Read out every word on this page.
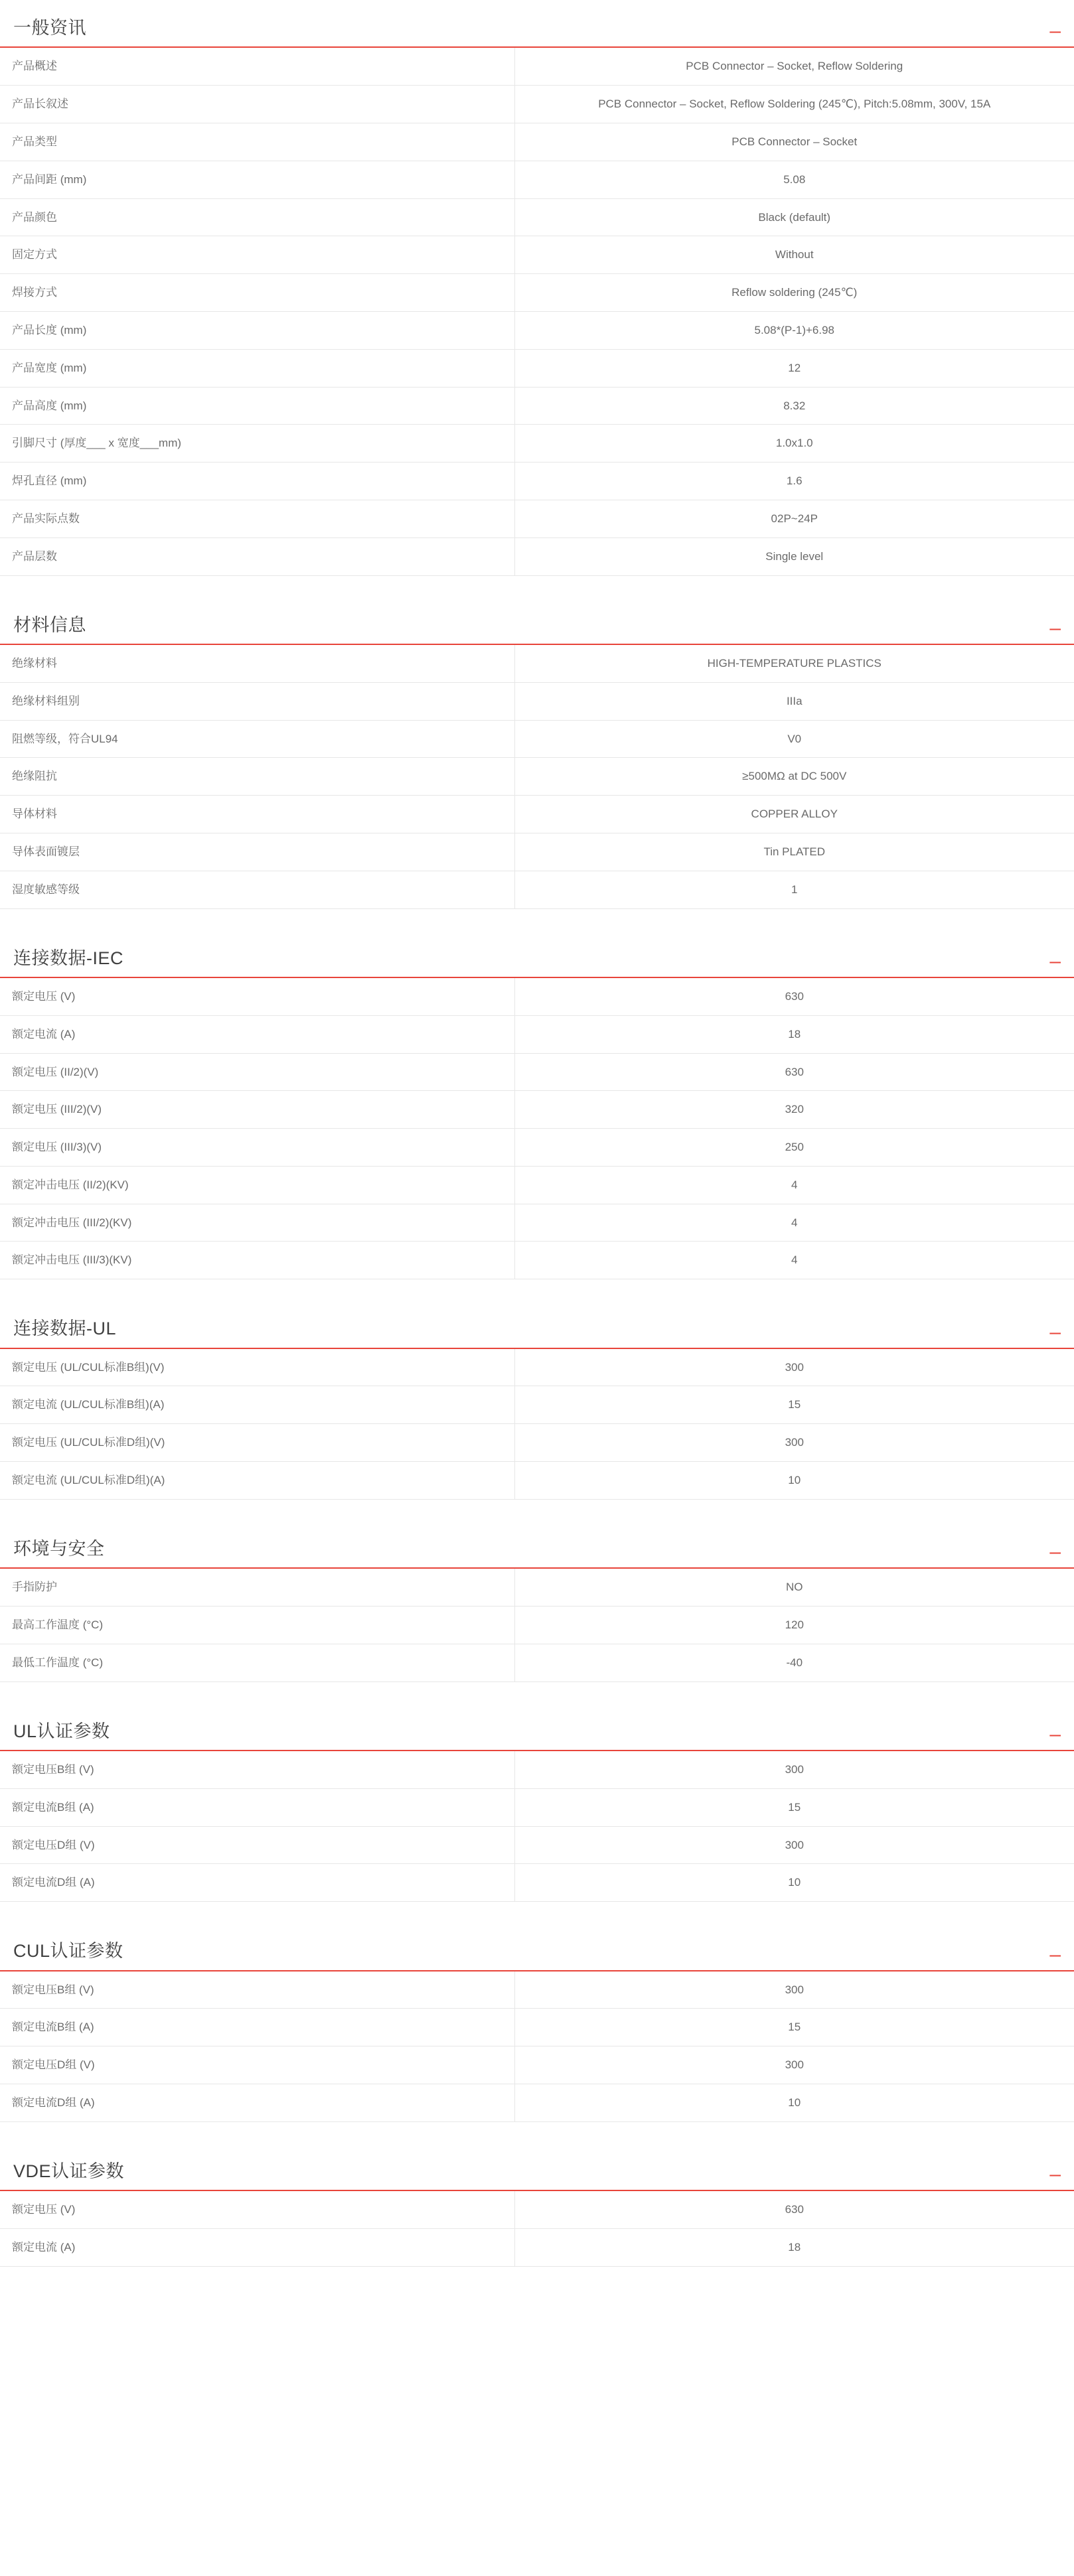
一般资讯	–
产品概述	PCB Connector – Socket, Reflow Soldering
产品长叙述	PCB Connector – Socket, Reflow Soldering (245℃), Pitch:5.08mm, 300V, 15A
产品类型	PCB Connector – Socket
产品间距 (mm)	5.08
产品颜色	Black (default)
固定方式	Without
焊接方式	Reflow soldering (245℃)
产品长度 (mm)	5.08*(P-1)+6.98
产品宽度 (mm)	12
产品高度 (mm)	8.32
引脚尺寸 (厚度___ x 宽度___mm)	1.0x1.0
焊孔直径 (mm)	1.6
产品实际点数	02P~24P
产品层数	Single level
材料信息	–
绝缘材料	HIGH-TEMPERATURE PLASTICS
绝缘材料组别	IIIa
阻燃等级，符合UL94	V0
绝缘阻抗	≥500MΩ at DC 500V
导体材料	COPPER ALLOY
导体表面镀层	Tin PLATED
湿度敏感等级	1
连接数据-IEC	–
额定电压 (V)	630
额定电流 (A)	18
额定电压 (II/2)(V)	630
额定电压 (III/2)(V)	320
额定电压 (III/3)(V)	250
额定冲击电压 (II/2)(KV)	4
额定冲击电压 (III/2)(KV)	4
额定冲击电压 (III/3)(KV)	4
连接数据-UL	–
额定电压 (UL/CUL标准B组)(V)	300
额定电流 (UL/CUL标准B组)(A)	15
额定电压 (UL/CUL标准D组)(V)	300
额定电流 (UL/CUL标准D组)(A)	10
环境与安全	–
手指防护	NO
最高工作温度 (°C)	120
最低工作温度 (°C)	-40
UL认证参数	–
额定电压B组 (V)	300
额定电流B组 (A)	15
额定电压D组 (V)	300
额定电流D组 (A)	10
CUL认证参数	–
额定电压B组 (V)	300
额定电流B组 (A)	15
额定电压D组 (V)	300
额定电流D组 (A)	10
VDE认证参数	–
额定电压 (V)	630
额定电流 (A)	18
